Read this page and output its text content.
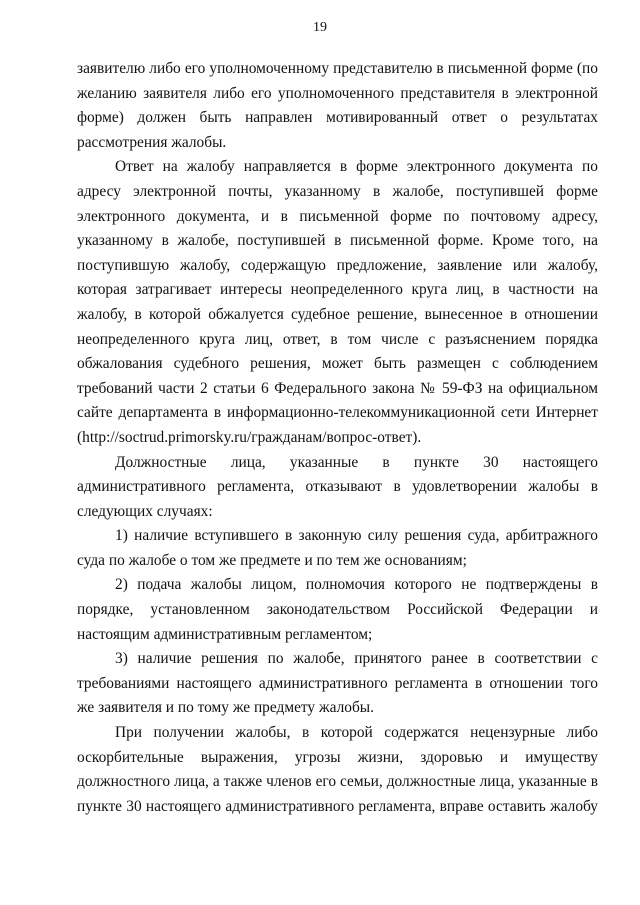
19

заявителю либо его уполномоченному представителю в письменной форме (по желанию заявителя либо его уполномоченного представителя в электронной форме) должен быть направлен мотивированный ответ о результатах рассмотрения жалобы.

Ответ на жалобу направляется в форме электронного документа по адресу электронной почты, указанному в жалобе, поступившей форме электронного документа, и в письменной форме по почтовому адресу, указанному в жалобе, поступившей в письменной форме. Кроме того, на поступившую жалобу, содержащую предложение, заявление или жалобу, которая затрагивает интересы неопределенного круга лиц, в частности на жалобу, в которой обжалуется судебное решение, вынесенное в отношении неопределенного круга лиц, ответ, в том числе с разъяснением порядка обжалования судебного решения, может быть размещен с соблюдением требований части 2 статьи 6 Федерального закона № 59-ФЗ на официальном сайте департамента в информационно-телекоммуникационной сети Интернет (http://soctrud.primorsky.ru/гражданам/вопрос-ответ).

Должностные лица, указанные в пункте 30 настоящего административного регламента, отказывают в удовлетворении жалобы в следующих случаях:

1) наличие вступившего в законную силу решения суда, арбитражного суда по жалобе о том же предмете и по тем же основаниям;

2) подача жалобы лицом, полномочия которого не подтверждены в порядке, установленном законодательством Российской Федерации и настоящим административным регламентом;

3) наличие решения по жалобе, принятого ранее в соответствии с требованиями настоящего административного регламента в отношении того же заявителя и по тому же предмету жалобы.

При получении жалобы, в которой содержатся нецензурные либо оскорбительные выражения, угрозы жизни, здоровью и имуществу должностного лица, а также членов его семьи, должностные лица, указанные в пункте 30 настоящего административного регламента, вправе оставить жалобу
